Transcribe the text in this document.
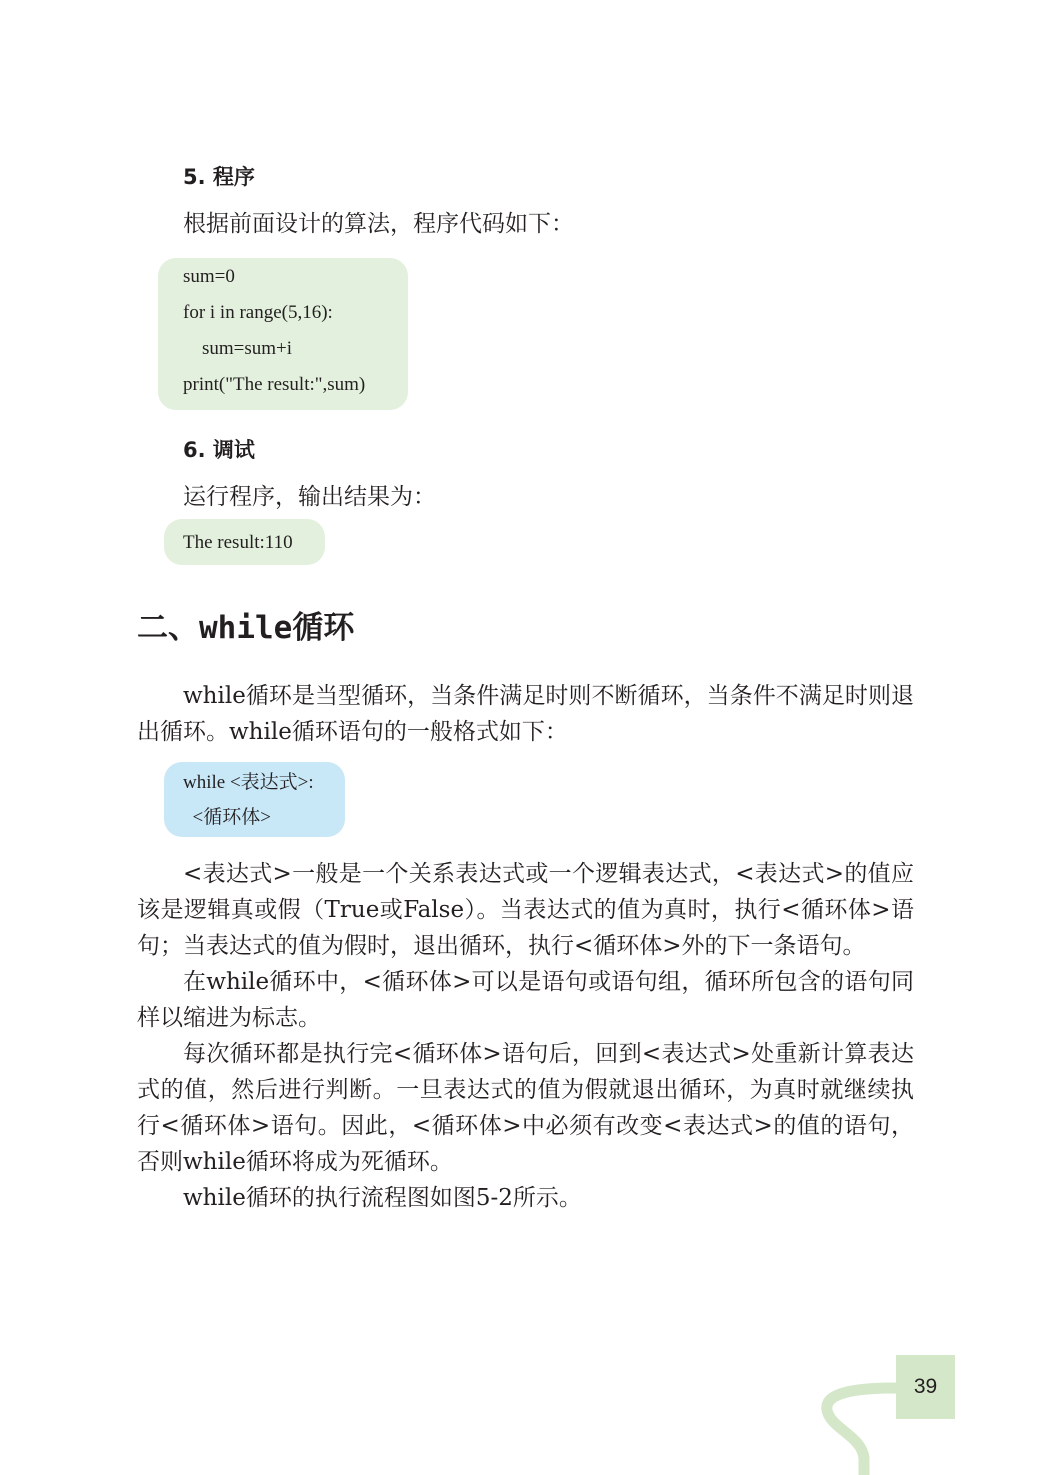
5. 程序

根据前面设计的算法，程序代码如下：

sum=0
for i in range(5,16):
sum=sum+i
print("The result:",sum)
6. 调试

运行程序，输出结果为：

The result:110
二、while循环

while循环是当型循环，当条件满足时则不断循环，当条件不满足时则退出循环。while循环语句的一般格式如下：

while <表达式>:
<循环体>

<表达式>一般是一个关系表达式或一个逻辑表达式，<表达式>的值应该是逻辑真或假（True或False）。当表达式的值为真时，执行<循环体>语句；当表达式的值为假时，退出循环，执行<循环体>外的下一条语句。

在while循环中，<循环体>可以是语句或语句组，循环所包含的语句同样以缩进为标志。

每次循环都是执行完<循环体>语句后，回到<表达式>处重新计算表达式的值，然后进行判断。一旦表达式的值为假就退出循环，为真时就继续执行<循环体>语句。因此，<循环体>中必须有改变<表达式>的值的语句，否则while循环将成为死循环。

while循环的执行流程图如图5-2所示。

39
